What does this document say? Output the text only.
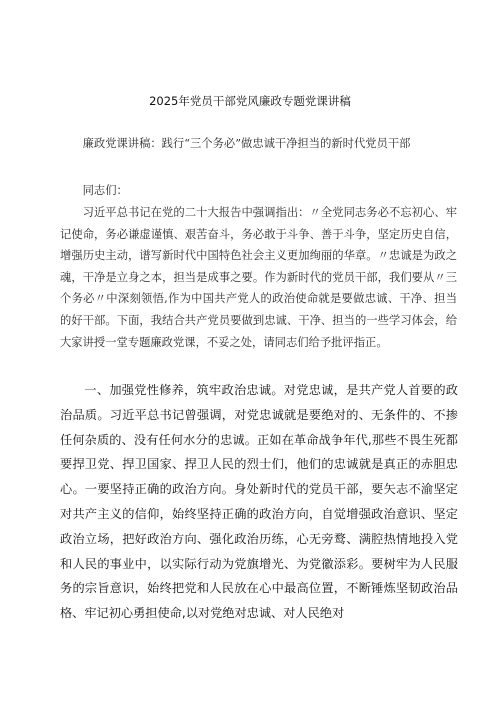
2025年党员干部党风廉政专题党课讲稿

廉政党课讲稿：践行“三个务必”做忠诚干净担当的新时代党员干部

同志们：

习近平总书记在党的二十大报告中强调指出：〃全党同志务必不忘初心、牢记使命，务必谦虚谨慎、艰苦奋斗，务必敢于斗争、善于斗争，坚定历史自信，增强历史主动，谱写新时代中国特色社会主义更加绚丽的华章。〃忠诚是为政之魂，干净是立身之本，担当是成事之要。作为新时代的党员干部，我们要从〃三个务必〃中深刻领悟,作为中国共产党人的政治使命就是要做忠诚、干净、担当的好干部。下面，我结合共产党员要做到忠诚、干净、担当的一些学习体会，给大家讲授一堂专题廉政党课，不妥之处，请同志们给予批评指正。

一、加强党性修养，筑牢政治忠诚。对党忠诚，是共产党人首要的政治品质。习近平总书记曾强调，对党忠诚就是要绝对的、无条件的、不掺任何杂质的、没有任何水分的忠诚。正如在革命战争年代,那些不畏生死都要捍卫党、捍卫国家、捍卫人民的烈士们，他们的忠诚就是真正的赤胆忠心。一要坚持正确的政治方向。身处新时代的党员干部，要矢志不渝坚定对共产主义的信仰，始终坚持正确的政治方向，自觉增强政治意识、坚定政治立场，把好政治方向、强化政治历练，心无旁鹜、满腔热情地投入党和人民的事业中，以实际行动为党旗增光、为党徽添彩。要树牢为人民服务的宗旨意识，始终把党和人民放在心中最高位置，不断锤炼坚韧政治品格、牢记初心勇担使命,以对党绝对忠诚、对人民绝对
